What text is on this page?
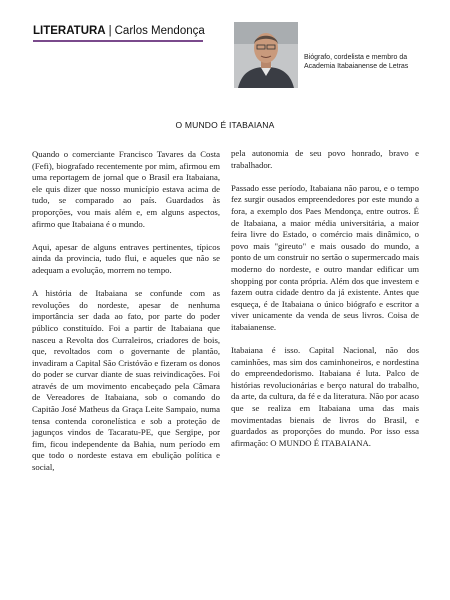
LITERATURA | Carlos Mendonça
Biógrafo, cordelista e membro da Academia Itabaianense de Letras
O MUNDO É ITABAIANA

Quando o comerciante Francisco Tavares da Costa (Fefi), biografado recentemente por mim, afirmou em uma reportagem de jornal que o Brasil era Itabaiana, ele quis dizer que nosso município estava acima de tudo, se comparado ao país. Guardados às proporções, vou mais além e, em alguns aspectos, afirmo que Itabaiana é o mundo.

Aqui, apesar de alguns entraves pertinentes, típicos ainda da provincia, tudo flui, e aqueles que não se adequam a evolução, morrem no tempo.

A história de Itabaiana se confunde com as revoluções do nordeste, apesar de nenhuma importância ser dada ao fato, por parte do poder público constituído. Foi a partir de Itabaiana que nasceu a Revolta dos Curraleiros, criadores de bois, que, revoltados com o governante de plantão, invadiram a Capital São Cristóvão e fizeram os donos do poder se curvar diante de suas reivindicações. Foi através de um movimento encabeçado pela Câmara de Vereadores de Itabaiana, sob o comando do Capitão José Matheus da Graça Leite Sampaio, numa tensa contenda coronelística e sob a proteção de jagunços vindos de Tacaratu-PE, que Sergipe, por fim, ficou independente da Bahia, num período em que todo o nordeste estava em ebulição política e social,

pela autonomia de seu povo honrado, bravo e trabalhador.

Passado esse período, Itabaiana não parou, e o tempo fez surgir ousados empreendedores por este mundo a fora, a exemplo dos Paes Mendonça, entre outros. É de Itabaiana, a maior média universitária, a maior feira livre do Estado, o comércio mais dinâmico, o povo mais "gireuto" e mais ousado do mundo, a ponto de um construir no sertão o supermercado mais moderno do nordeste, e outro mandar edificar um shopping por conta própria. Além dos que investem e fazem outra cidade dentro da já existente. Antes que esqueça, é de Itabaiana o único biógrafo e escritor a viver unicamente da venda de seus livros. Coisa de itabaianense.

Itabaiana é isso. Capital Nacional, não dos caminhões, mas sim dos caminhoneiros, e nordestina do empreendedorismo. Itabaiana é luta. Palco de histórias revolucionárias e berço natural do trabalho, da arte, da cultura, da fé e da literatura. Não por acaso que se realiza em Itabaiana uma das mais movimentadas bienais de livros do Brasil, e guardados as proporções do mundo. Por isso essa afirmação: O MUNDO É ITABAIANA.
